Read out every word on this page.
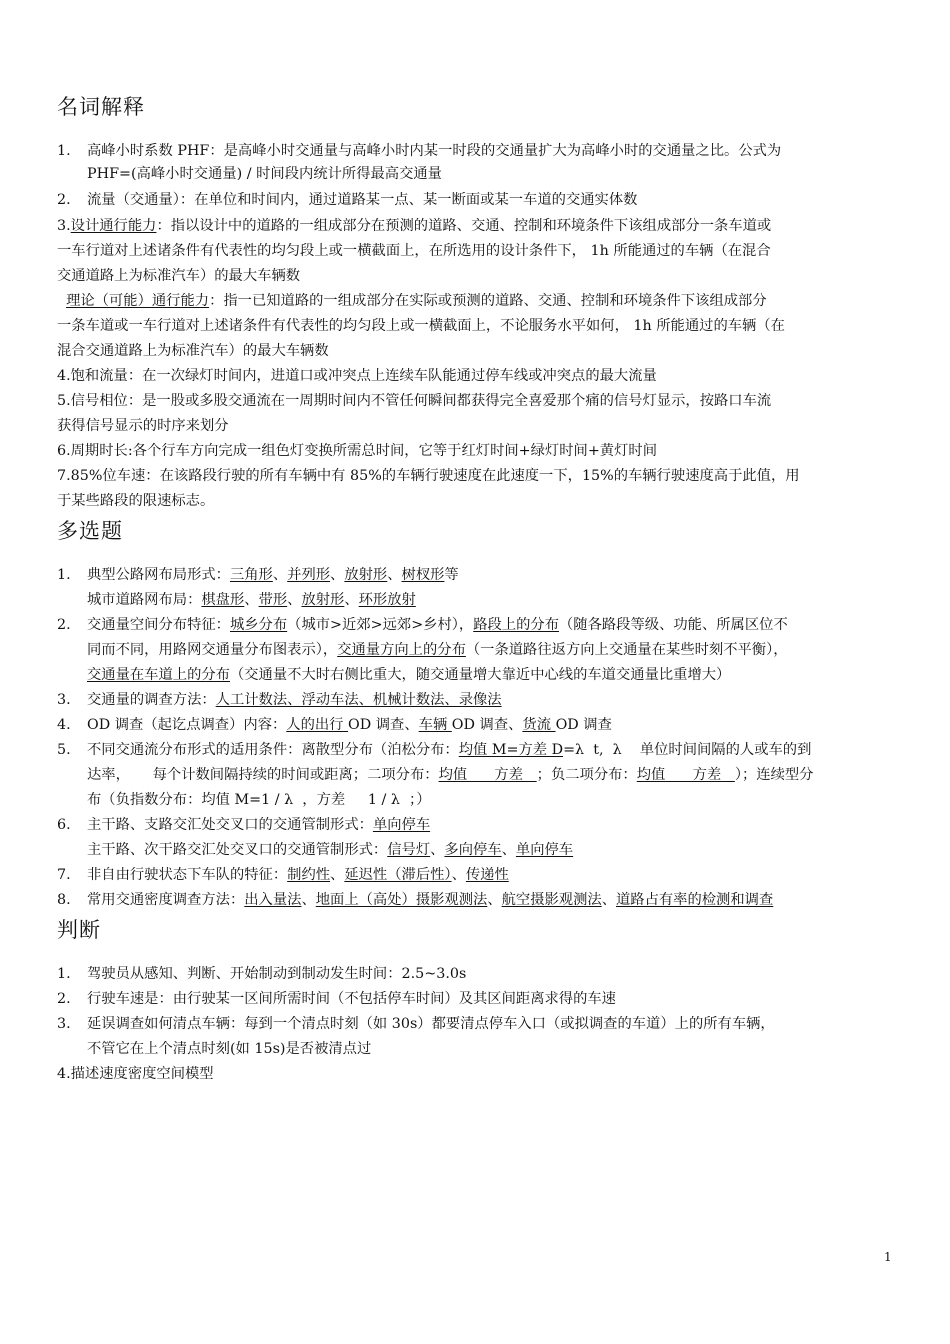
名词解释
1. 高峰小时系数 PHF：是高峰小时交通量与高峰小时内某一时段的交通量扩大为高峰小时的交通量之比。公式为
PHF=(高峰小时交通量) / 时间段内统计所得最高交通量
2. 流量（交通量）：在单位和时间内，通过道路某一点、某一断面或某一车道的交通实体数
3.设计通行能力：指以设计中的道路的一组成部分在预测的道路、交通、控制和环境条件下该组成部分一条车道或
一车行道对上述诸条件有代表性的均匀段上或一横截面上，在所选用的设计条件下， 1h 所能通过的车辆（在混合
交通道路上为标准汽车）的最大车辆数
理论（可能）通行能力：指一已知道路的一组成部分在实际或预测的道路、交通、控制和环境条件下该组成部分
一条车道或一车行道对上述诸条件有代表性的均匀段上或一横截面上，不论服务水平如何， 1h 所能通过的车辆（在
混合交通道路上为标准汽车）的最大车辆数
4.饱和流量：在一次绿灯时间内，进道口或冲突点上连续车队能通过停车线或冲突点的最大流量
5.信号相位：是一股或多股交通流在一周期时间内不管任何瞬间都获得完全喜爱那个痛的信号灯显示，按路口车流
获得信号显示的时序来划分
6.周期时长:各个行车方向完成一组色灯变换所需总时间，它等于红灯时间+绿灯时间+黄灯时间
7.85%位车速：在该路段行驶的所有车辆中有 85%的车辆行驶速度在此速度一下，15%的车辆行驶速度高于此值，用
于某些路段的限速标志。
多选题
1. 典型公路网布局形式：三角形、并列形、放射形、树杈形等
城市道路网布局：棋盘形、带形、放射形、环形放射
2. 交通量空间分布特征：城乡分布（城市>近郊>远郊>乡村），路段上的分布（随各路段等级、功能、所属区位不
同而不同，用路网交通量分布图表示），交通量方向上的分布（一条道路往返方向上交通量在某些时刻不平衡），
交通量在车道上的分布（交通量不大时右侧比重大，随交通量增大靠近中心线的车道交通量比重增大）
3. 交通量的调查方法：人工计数法、浮动车法、机械计数法、录像法
4. OD 调查（起讫点调查）内容：人的出行 OD 调查、车辆 OD 调查、货流 OD 调查
5. 不同交通流分布形式的适用条件：离散型分布（泊松分布：均值 M=方差 D=λ  t,  λ    单位时间间隔的人或车的到
达率，     每个计数间隔持续的时间或距离；二项分布：均值      方差   ；负二项分布：均值      方差   ）；连续型分
布（负指数分布：均值 M=1 / λ  ，方差     1 / λ  ；）
6. 主干路、支路交汇处交叉口的交通管制形式：单向停车
主干路、次干路交汇处交叉口的交通管制形式：信号灯、多向停车、单向停车
7. 非自由行驶状态下车队的特征：制约性、延迟性（滞后性）、传递性
8. 常用交通密度调查方法：出入量法、地面上（高处）摄影观测法、航空摄影观测法、道路占有率的检测和调查
判断
1. 驾驶员从感知、判断、开始制动到制动发生时间：2.5~3.0s
2. 行驶车速是：由行驶某一区间所需时间（不包括停车时间）及其区间距离求得的车速
3. 延误调查如何清点车辆：每到一个清点时刻（如 30s）都要清点停车入口（或拟调查的车道）上的所有车辆，
不管它在上个清点时刻(如 15s)是否被清点过
4.描述速度密度空间模型
1
